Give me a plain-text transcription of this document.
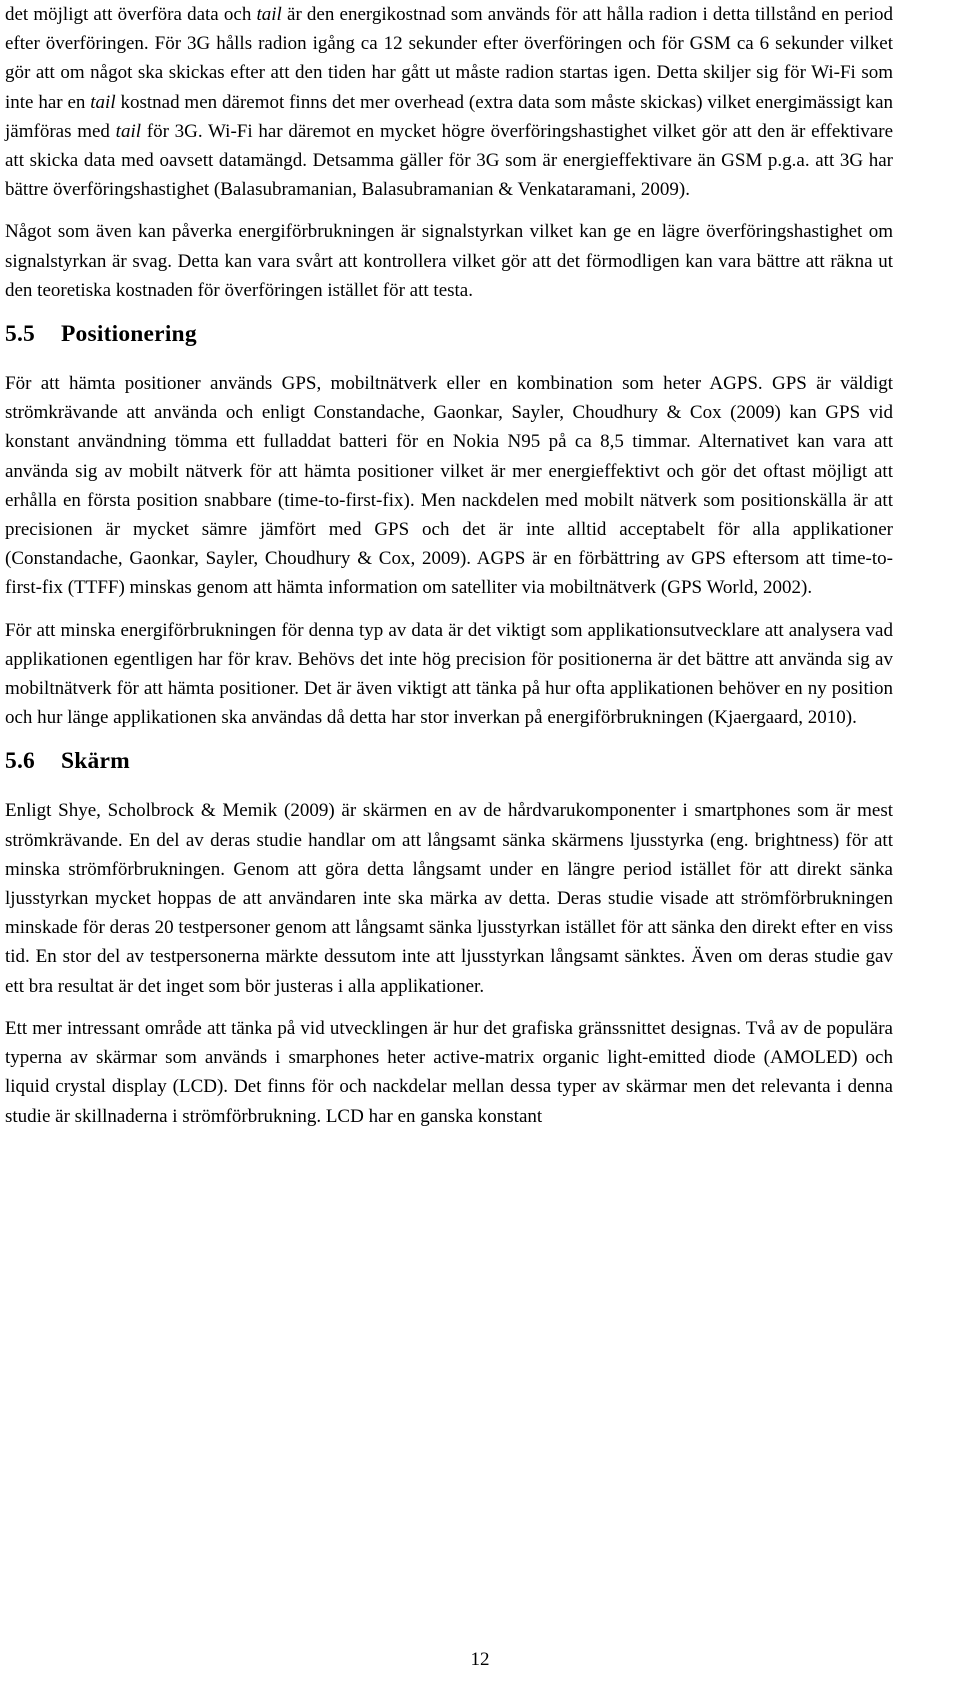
det möjligt att överföra data och tail är den energikostnad som används för att hålla radion i detta tillstånd en period efter överföringen. För 3G hålls radion igång ca 12 sekunder efter överföringen och för GSM ca 6 sekunder vilket gör att om något ska skickas efter att den tiden har gått ut måste radion startas igen. Detta skiljer sig för Wi-Fi som inte har en tail kostnad men däremot finns det mer overhead (extra data som måste skickas) vilket energimässigt kan jämföras med tail för 3G. Wi-Fi har däremot en mycket högre överföringshastighet vilket gör att den är effektivare att skicka data med oavsett datamängd. Detsamma gäller för 3G som är energieffektivare än GSM p.g.a. att 3G har bättre överföringshastighet (Balasubramanian, Balasubramanian & Venkataramani, 2009).

Något som även kan påverka energiförbrukningen är signalstyrkan vilket kan ge en lägre överföringshastighet om signalstyrkan är svag. Detta kan vara svårt att kontrollera vilket gör att det förmodligen kan vara bättre att räkna ut den teoretiska kostnaden för överföringen istället för att testa.

5.5 Positionering

För att hämta positioner används GPS, mobiltnätverk eller en kombination som heter AGPS. GPS är väldigt strömkrävande att använda och enligt Constandache, Gaonkar, Sayler, Choudhury & Cox (2009) kan GPS vid konstant användning tömma ett fulladdat batteri för en Nokia N95 på ca 8,5 timmar. Alternativet kan vara att använda sig av mobilt nätverk för att hämta positioner vilket är mer energieffektivt och gör det oftast möjligt att erhålla en första position snabbare (time-to-first-fix). Men nackdelen med mobilt nätverk som positionskälla är att precisionen är mycket sämre jämfört med GPS och det är inte alltid acceptabelt för alla applikationer (Constandache, Gaonkar, Sayler, Choudhury & Cox, 2009). AGPS är en förbättring av GPS eftersom att time-to-first-fix (TTFF) minskas genom att hämta information om satelliter via mobiltnätverk (GPS World, 2002).

För att minska energiförbrukningen för denna typ av data är det viktigt som applikationsutvecklare att analysera vad applikationen egentligen har för krav. Behövs det inte hög precision för positionerna är det bättre att använda sig av mobiltnätverk för att hämta positioner. Det är även viktigt att tänka på hur ofta applikationen behöver en ny position och hur länge applikationen ska användas då detta har stor inverkan på energiförbrukningen (Kjaergaard, 2010).

5.6 Skärm

Enligt Shye, Scholbrock & Memik (2009) är skärmen en av de hårdvarukomponenter i smartphones som är mest strömkrävande. En del av deras studie handlar om att långsamt sänka skärmens ljusstyrka (eng. brightness) för att minska strömförbrukningen. Genom att göra detta långsamt under en längre period istället för att direkt sänka ljusstyrkan mycket hoppas de att användaren inte ska märka av detta. Deras studie visade att strömförbrukningen minskade för deras 20 testpersoner genom att långsamt sänka ljusstyrkan istället för att sänka den direkt efter en viss tid. En stor del av testpersonerna märkte dessutom inte att ljusstyrkan långsamt sänktes. Även om deras studie gav ett bra resultat är det inget som bör justeras i alla applikationer.

Ett mer intressant område att tänka på vid utvecklingen är hur det grafiska gränssnittet designas. Två av de populära typerna av skärmar som används i smarphones heter active-matrix organic light-emitted diode (AMOLED) och liquid crystal display (LCD). Det finns för och nackdelar mellan dessa typer av skärmar men det relevanta i denna studie är skillnaderna i strömförbrukning. LCD har en ganska konstant

12
